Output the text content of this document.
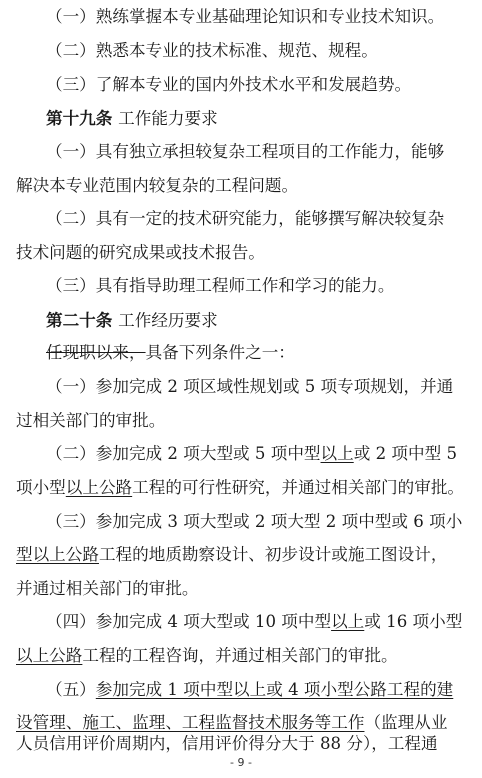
（一）熟练掌握本专业基础理论知识和专业技术知识。
（二）熟悉本专业的技术标准、规范、规程。
（三）了解本专业的国内外技术水平和发展趋势。
第十九条 工作能力要求
（一）具有独立承担较复杂工程项目的工作能力，能够
解决本专业范围内较复杂的工程问题。
（二）具有一定的技术研究能力，能够撰写解决较复杂
技术问题的研究成果或技术报告。
（三）具有指导助理工程师工作和学习的能力。
第二十条 工作经历要求
任现职以来，具备下列条件之一：
（一）参加完成 2 项区域性规划或 5 项专项规划，并通
过相关部门的审批。
（二）参加完成 2 项大型或 5 项中型以上或 2 项中型 5
项小型以上公路工程的可行性研究，并通过相关部门的审批。
（三）参加完成 3 项大型或 2 项大型 2 项中型或 6 项小
型以上公路工程的地质勘察设计、初步设计或施工图设计，
并通过相关部门的审批。
（四）参加完成 4 项大型或 10 项中型以上或 16 项小型
以上公路工程的工程咨询，并通过相关部门的审批。
（五）参加完成 1 项中型以上或 4 项小型公路工程的建
设管理、施工、监理、工程监督技术服务等工作（监理从业
人员信用评价周期内，信用评价得分大于 88 分），工程通
- 9 -
